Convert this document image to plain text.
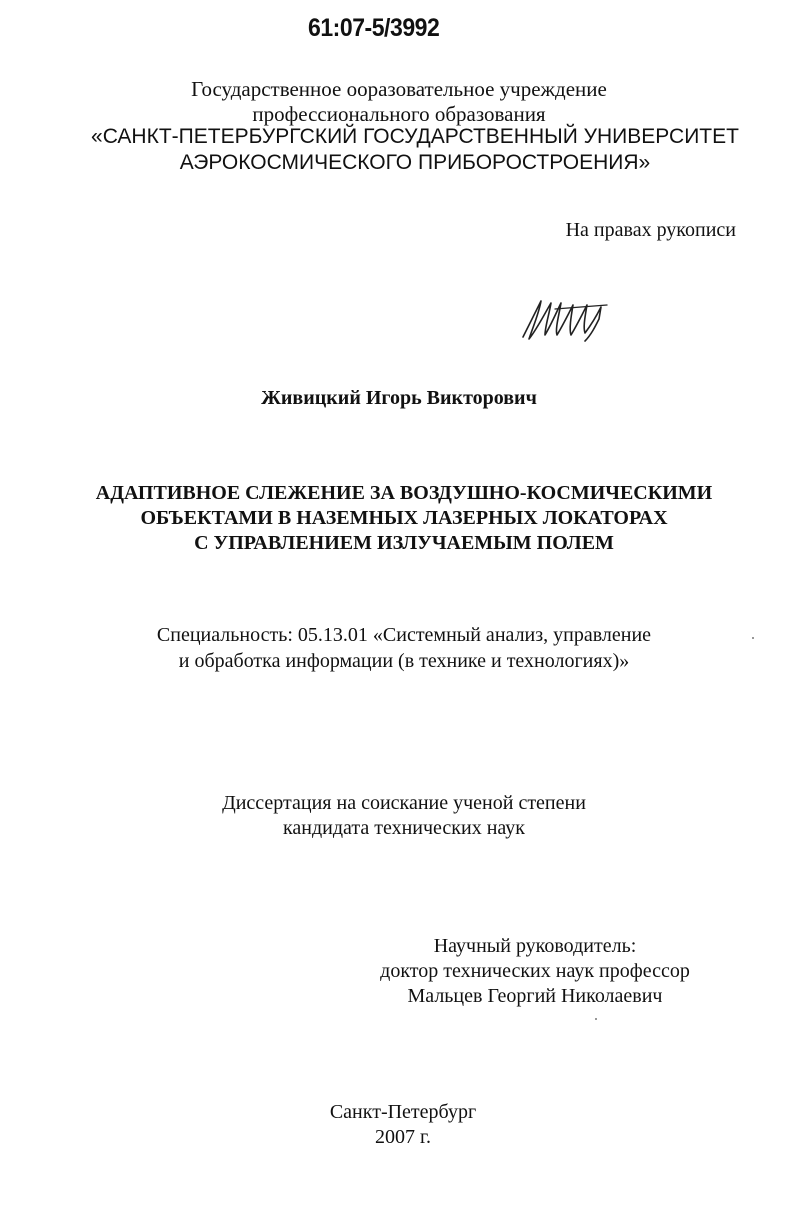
61:07-5/3992
Государственное ооразовательное учреждение
профессионального образования
«САНКТ-ПЕТЕРБУРГСКИЙ ГОСУДАРСТВЕННЫЙ УНИВЕРСИТЕТ
АЭРОКОСМИЧЕСКОГО ПРИБОРОСТРОЕНИЯ»
На правах рукописи
Живицкий Игорь Викторович
АДАПТИВНОЕ СЛЕЖЕНИЕ ЗА ВОЗДУШНО-КОСМИЧЕСКИМИ
ОБЪЕКТАМИ В НАЗЕМНЫХ ЛАЗЕРНЫХ ЛОКАТОРАХ
С УПРАВЛЕНИЕМ ИЗЛУЧАЕМЫМ ПОЛЕМ
Специальность: 05.13.01 «Системный анализ, управление
и обработка информации (в технике и технологиях)»
Диссертация на соискание ученой степени
кандидата технических наук
Научный руководитель:
доктор технических наук профессор
Мальцев Георгий Николаевич
Санкт-Петербург
2007 г.
